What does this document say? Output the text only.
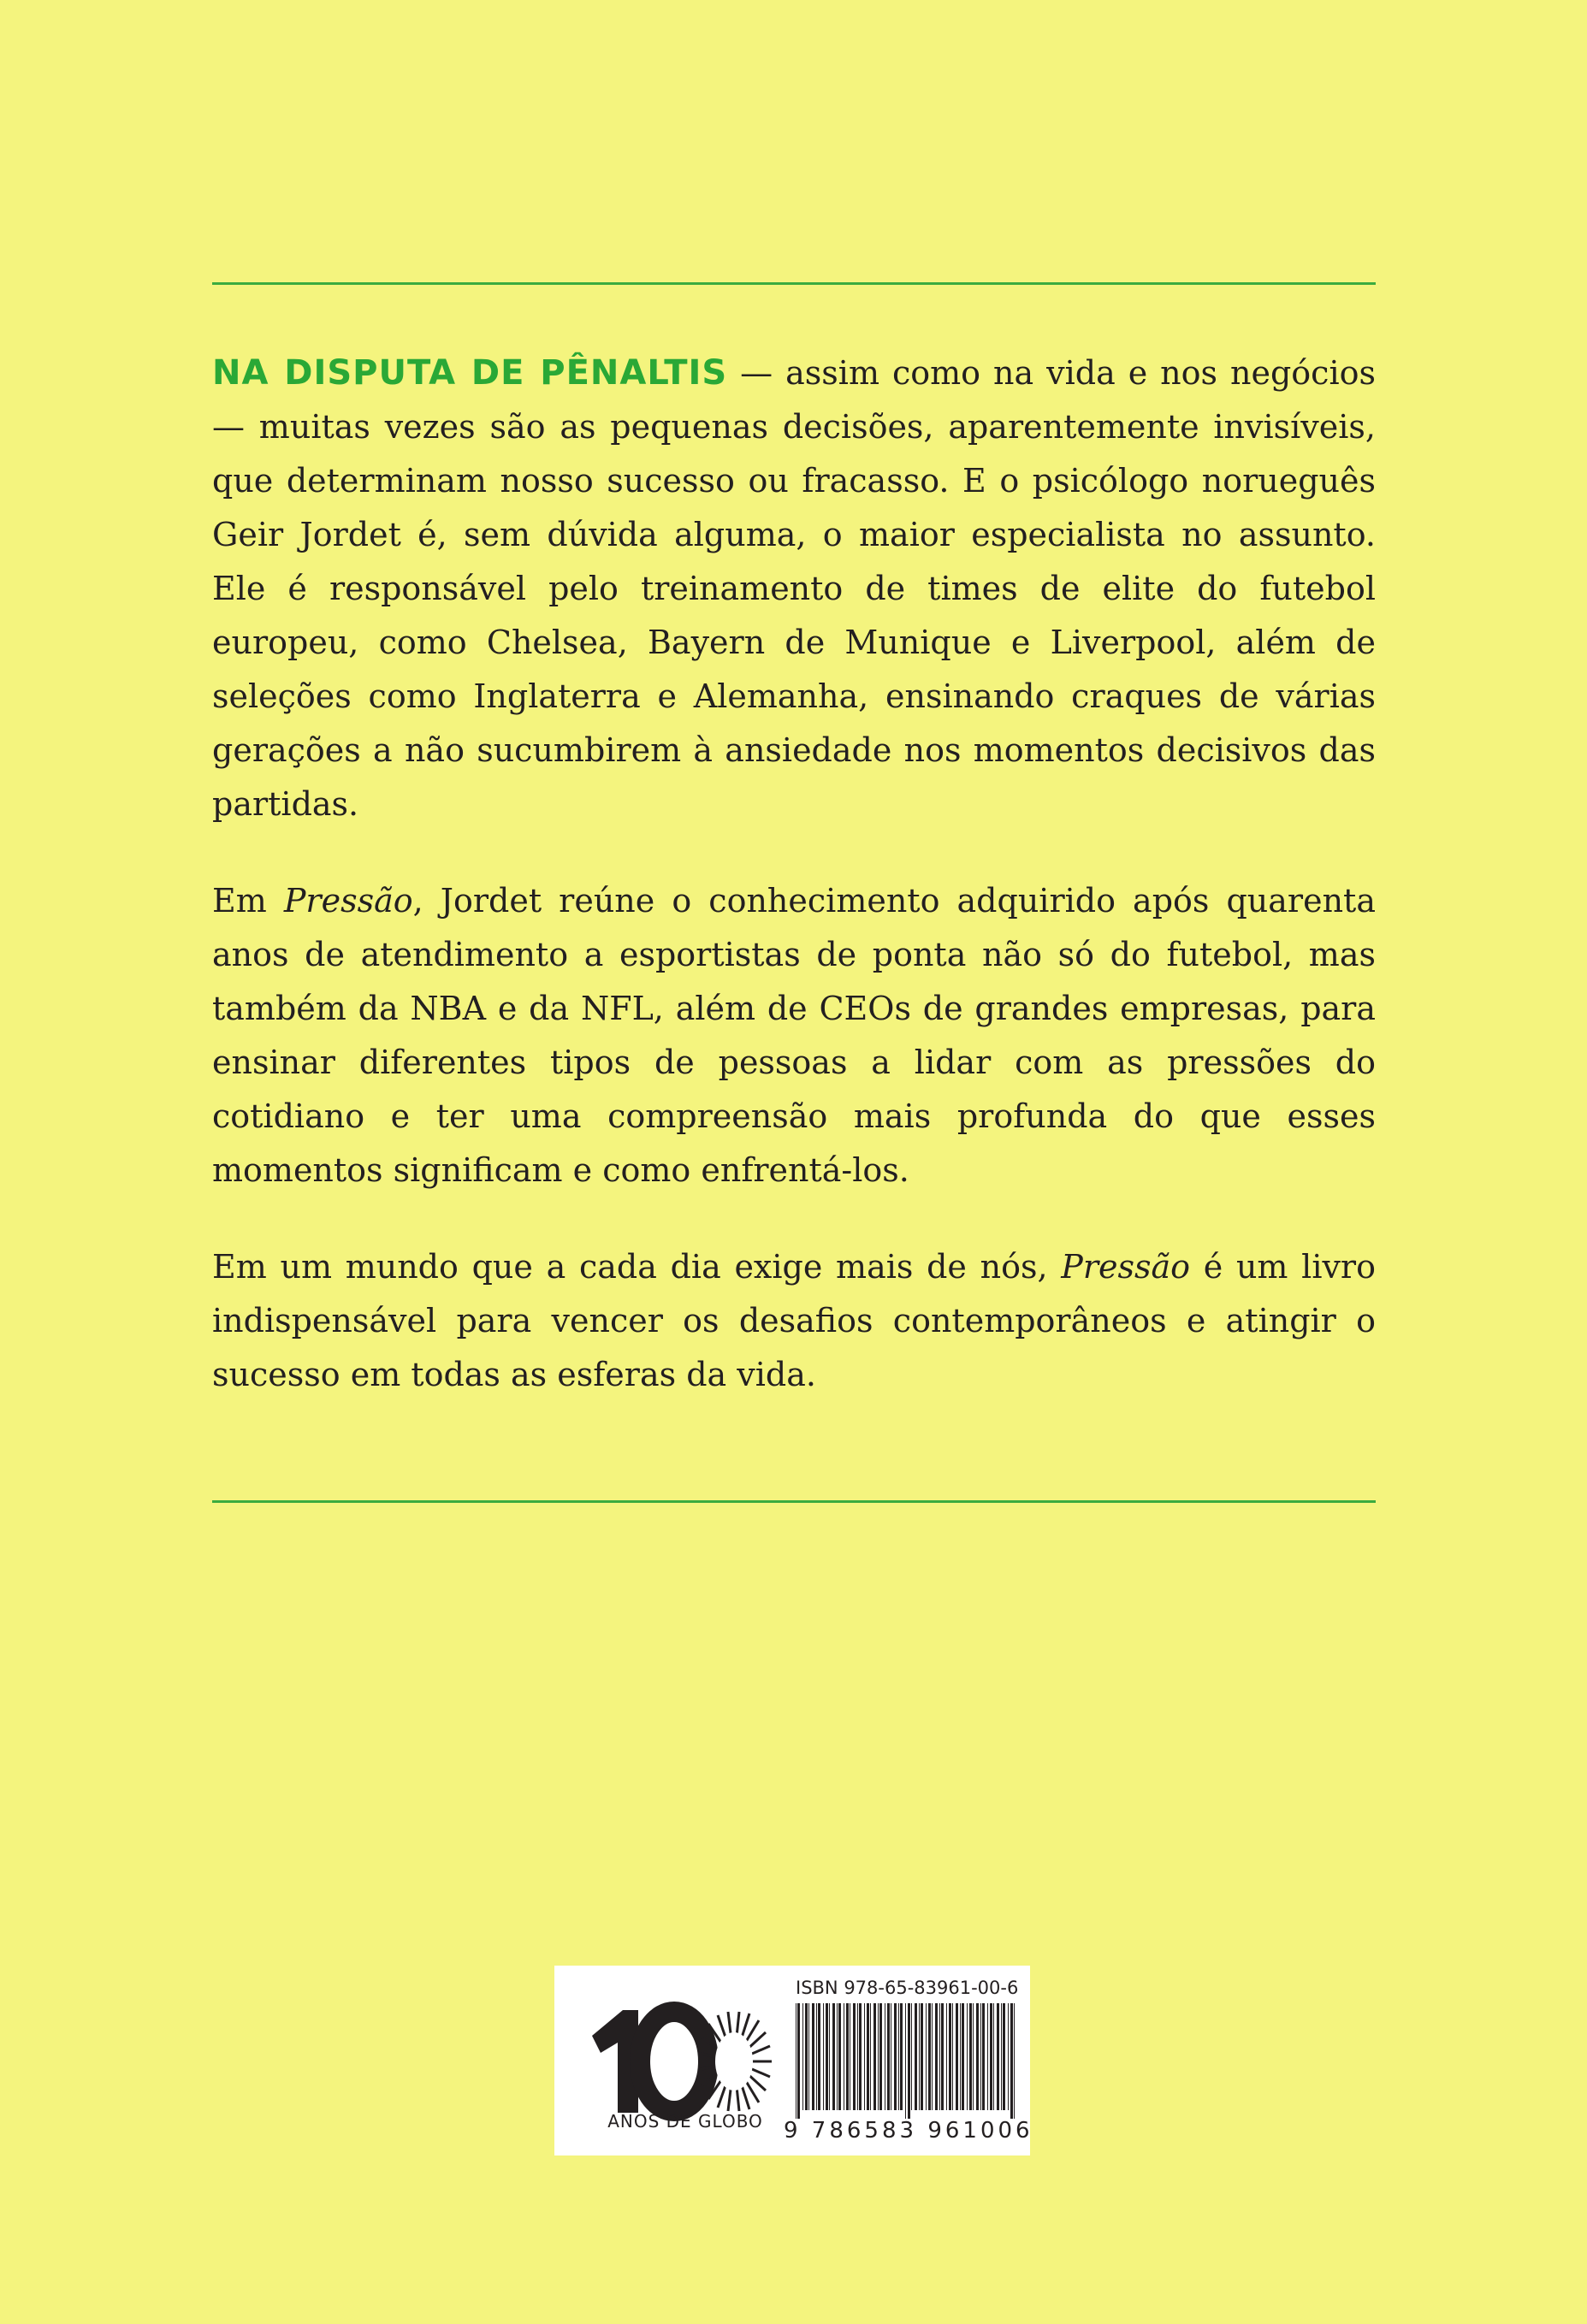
NA DISPUTA DE PÊNALTIS — assim como na vida e nos negócios — muitas vezes são as pequenas decisões, aparentemente invisíveis, que determinam nosso sucesso ou fracasso. E o psicólogo norueguês Geir Jordet é, sem dúvida alguma, o maior especialista no assunto. Ele é responsável pelo treinamento de times de elite do futebol europeu, como Chelsea, Bayern de Munique e Liverpool, além de seleções como Inglaterra e Alemanha, ensinando craques de várias gerações a não sucumbirem à ansiedade nos momentos decisivos das partidas.

Em Pressão, Jordet reúne o conhecimento adquirido após quarenta anos de atendimento a esportistas de ponta não só do futebol, mas também da NBA e da NFL, além de CEOs de grandes empresas, para ensinar diferentes tipos de pessoas a lidar com as pressões do cotidiano e ter uma compreensão mais profunda do que esses momentos significam e como enfrentá-los.

Em um mundo que a cada dia exige mais de nós, Pressão é um livro indispensável para vencer os desafios contemporâneos e atingir o sucesso em todas as esferas da vida.

ANOS DE GLOBO
ISBN 978-65-83961-00-6
9 786583 961006
